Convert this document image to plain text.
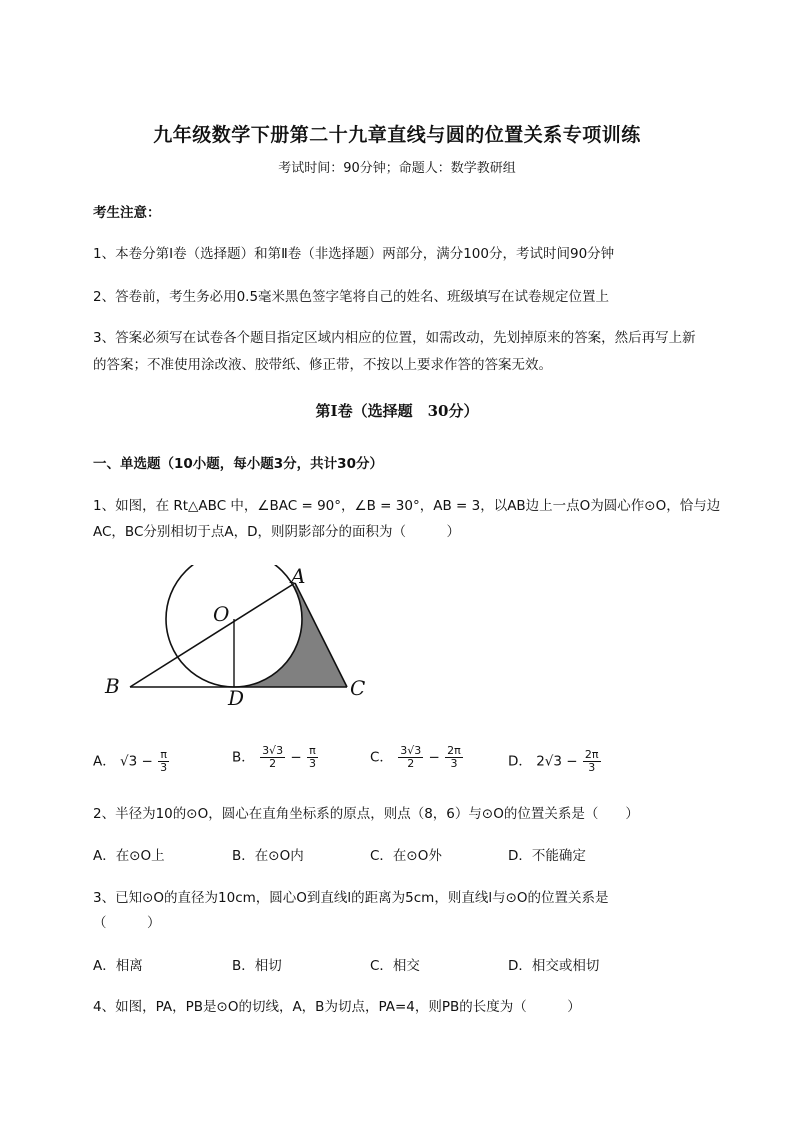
九年级数学下册第二十九章直线与圆的位置关系专项训练
考试时间：90分钟；命题人：数学教研组
考生注意：
1、本卷分第Ⅰ卷（选择题）和第Ⅱ卷（非选择题）两部分，满分100分，考试时间90分钟
2、答卷前，考生务必用0.5毫米黑色签字笔将自己的姓名、班级填写在试卷规定位置上
3、答案必须写在试卷各个题目指定区域内相应的位置，如需改动，先划掉原来的答案，然后再写上新
的答案；不准使用涂改液、胶带纸、修正带，不按以上要求作答的答案无效。
第Ⅰ卷（选择题　30分）
一、单选题（10小题，每小题3分，共计30分）
1、如图，在 Rt△ABC 中，∠BAC = 90°，∠B = 30°，AB = 3，以AB边上一点O为圆心作⊙O，恰与边
AC，BC分别相切于点A，D，则阴影部分的面积为（　　　）
A
O
B	D	C
A． $√3 - \frac{\pi}{3}$	B． $\frac{3√3}{2} - \frac{\pi}{3}$	C． $\frac{3√3}{2} - \frac{2\pi}{3}$	D． $2√3 - \frac{2\pi}{3}$
2、半径为10的⊙O，圆心在直角坐标系的原点，则点（8，6）与⊙O的位置关系是（　　）
A．在⊙O上	B．在⊙O内	C．在⊙O外	D．不能确定
3、已知⊙O的直径为10cm，圆心O到直线l的距离为5cm，则直线l与⊙O的位置关系是
（　　　）
A．相离	B．相切	C．相交	D．相交或相切
4、如图，PA，PB是⊙O的切线，A，B为切点，PA=4，则PB的长度为（　　　）
